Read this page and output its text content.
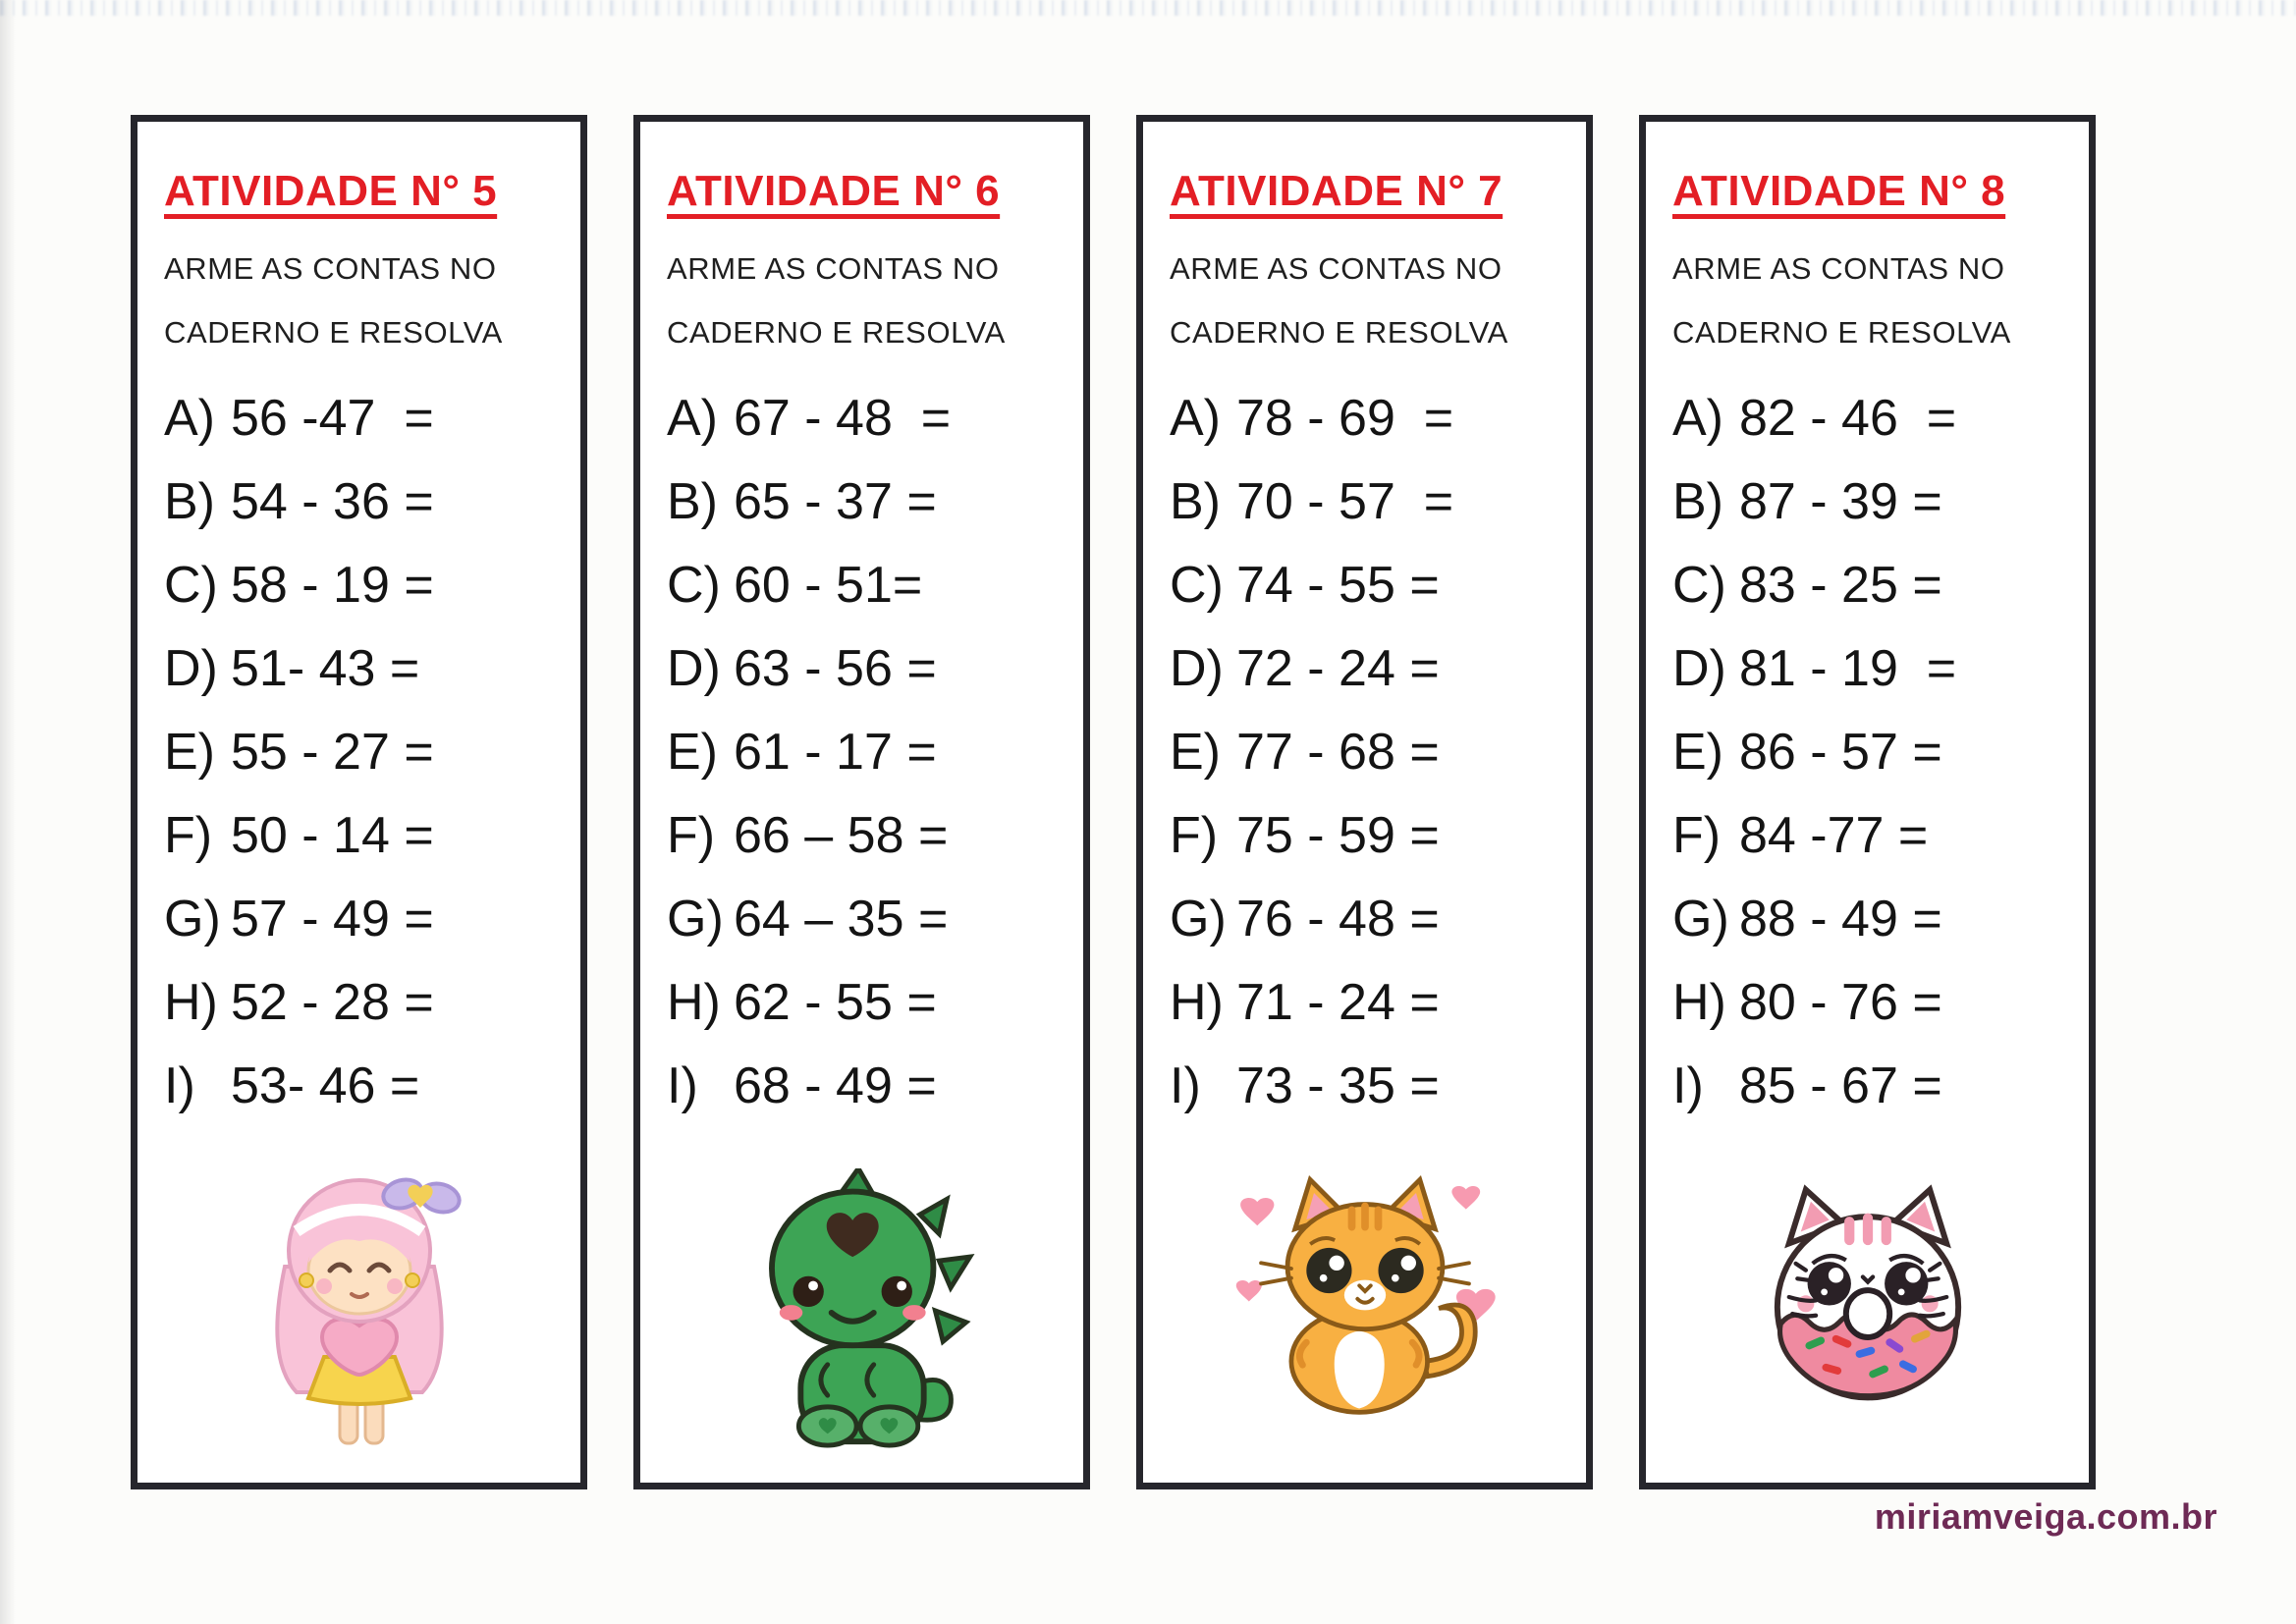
ATIVIDADE N° 5
ARME AS CONTAS NO
CADERNO E RESOLVA
A) 56 -47  =
B) 54 - 36 =
C) 58 - 19 =
D) 51- 43 =
E) 55 - 27 =
F) 50 - 14 =
G) 57 - 49 =
H) 52 - 28 =
I) 53- 46 =
ATIVIDADE N° 6
ARME AS CONTAS NO
CADERNO E RESOLVA
A) 67 - 48  =
B) 65 - 37 =
C) 60 - 51=
D) 63 - 56 =
E) 61 - 17 =
F) 66 – 58 =
G) 64 – 35 =
H) 62 - 55 =
I) 68 - 49 =
ATIVIDADE N° 7
ARME AS CONTAS NO
CADERNO E RESOLVA
A) 78 - 69  =
B) 70 - 57  =
C) 74 - 55 =
D) 72 - 24 =
E) 77 - 68 =
F) 75 - 59 =
G) 76 - 48 =
H) 71 - 24 =
I) 73 - 35 =
ATIVIDADE N° 8
ARME AS CONTAS NO
CADERNO E RESOLVA
A) 82 - 46  =
B) 87 - 39 =
C) 83 - 25 =
D) 81 - 19  =
E) 86 - 57 =
F) 84 -77 =
G) 88 - 49 =
H) 80 - 76 =
I) 85 - 67 =
miriamveiga.com.br
